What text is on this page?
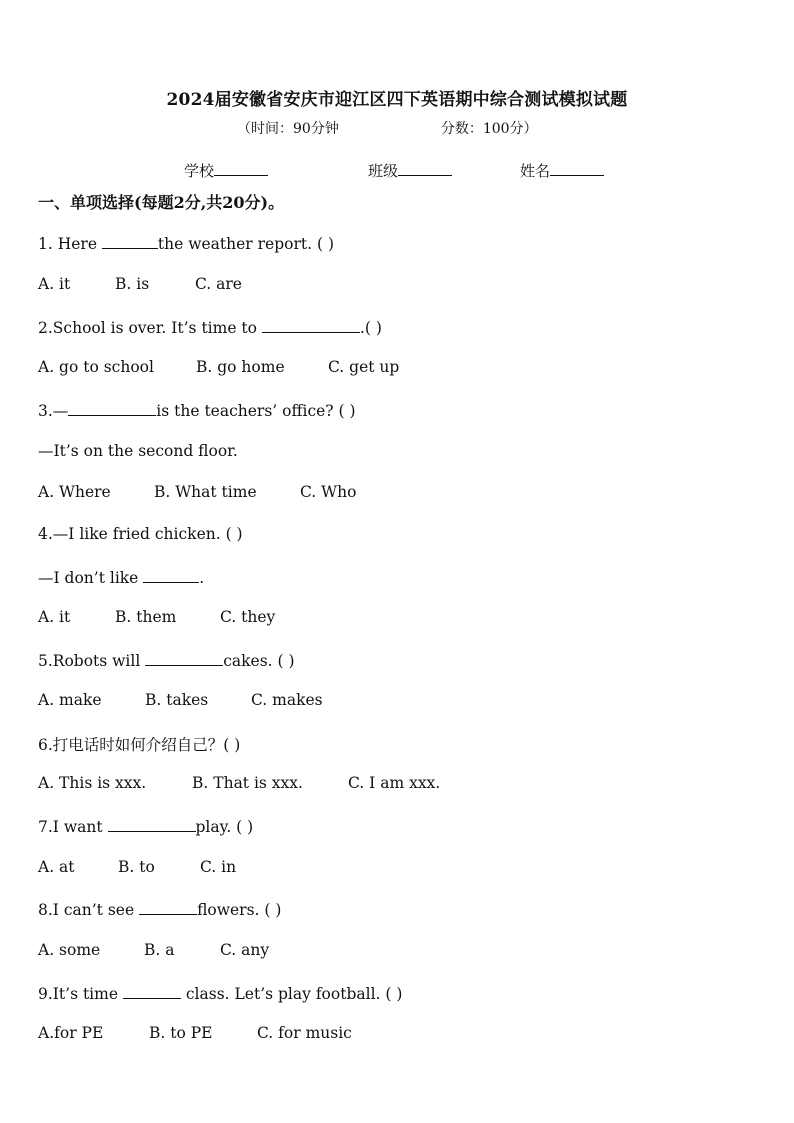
2024届安徽省安庆市迎江区四下英语期中综合测试模拟试题
（时间：90分钟	分数：100分）
学校	班级	姓名
一、单项选择(每题2分,共20分)。
1. Here	the weather report. ( )
A. it	B. is	C. are
2.School is over. It’s time to	.( )
A. go to school	B. go home	C. get up
3.—	is the teachers’ office? ( )
—It’s on the second floor.
A. Where	B. What time	C. Who
4.—I like fried chicken. ( )
—I don’t like	.
A. it	B. them	C. they
5.Robots will	cakes. ( )
A. make	B. takes	C. makes
6.打电话时如何介绍自己？( )
A. This is xxx.	B. That is xxx.	C. I am xxx.
7.I want	play. ( )
A. at	B. to	C. in
8.I can’t see	flowers. ( )
A. some	B. a	C. any
9.It’s time	class. Let’s play football. ( )
A.for PE	B. to PE	C. for music
